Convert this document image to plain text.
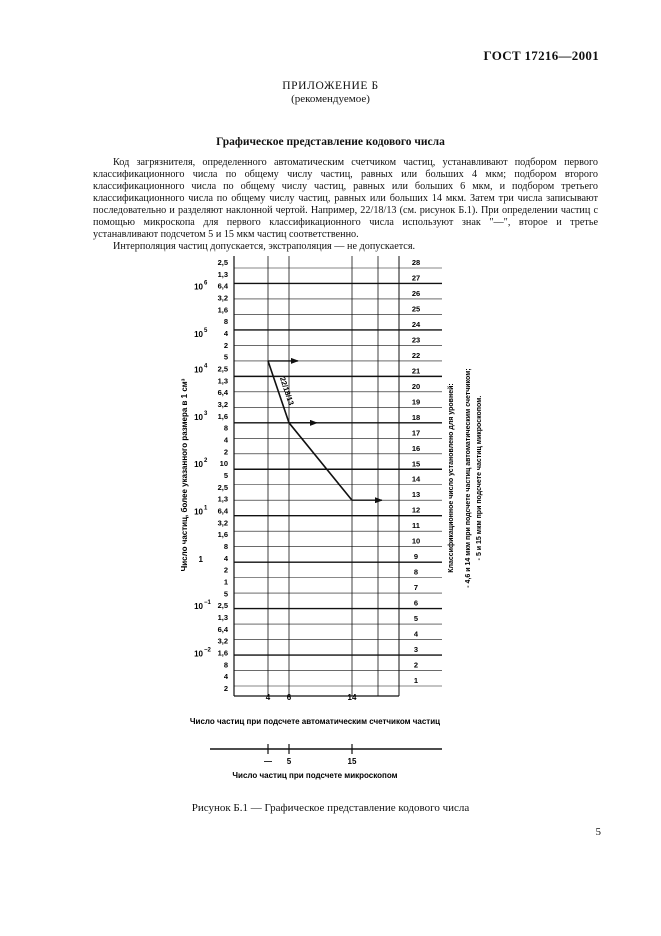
ГОСТ 17216—2001
ПРИЛОЖЕНИЕ Б
(рекомендуемое)
Графическое представление кодового числа

Код загрязнителя, определенного автоматическим счетчиком частиц, устанавливают подбором первого классификационного числа по общему числу частиц, равных или больших 4 мкм; подбором второго классификационного числа по общему числу частиц, равных или больших 6 мкм, и подбором третьего классификационного числа по общему числу частиц, равных или больших 14 мкм. Затем три числа записывают последовательно и разделяют наклонной чертой. Например, 22/18/13 (см. рисунок Б.1). При определении частиц с помощью микроскопа для первого классификационного числа используют знак "—", второе и третье устанавливают подсчетом 5 и 15 мкм частиц соответственно.

Интерполяция частиц допускается, экстраполяция — не допускается.

2,5
1,3
6,4
3,2
1,6
8
4
2
5
2,5
1,3
6,4
3,2
1,6
8
4
2
10
5
2,5
1,3
6,4
3,2
1,6
8
4
2
1
5
2,5
1,3
6,4
3,2
1,6
8
4
2
10 6
10 5
10 4
10 3
10 2
10 1
1
10 −1
10 −2
28
27
26
25
24
23
22
21
20
19
18
17
16
15
14
13
12
11
10
9
8
7
6
5
4
3
2
1
Число частиц, более указанного размера в 1 см³	Классификационное число установлено для уровней: - 4,6 и 14 мкм при подсчете частиц автоматическим счетчиком; - 5 и 15 мкм при подсчете частиц микроскопом.
4 6	14
Число частиц при подсчете автоматическим счетчиком частиц
— 5	15
Число частиц при подсчете микроскопом
22/18/13
Рисунок Б.1 — Графическое представление кодового числа
5
